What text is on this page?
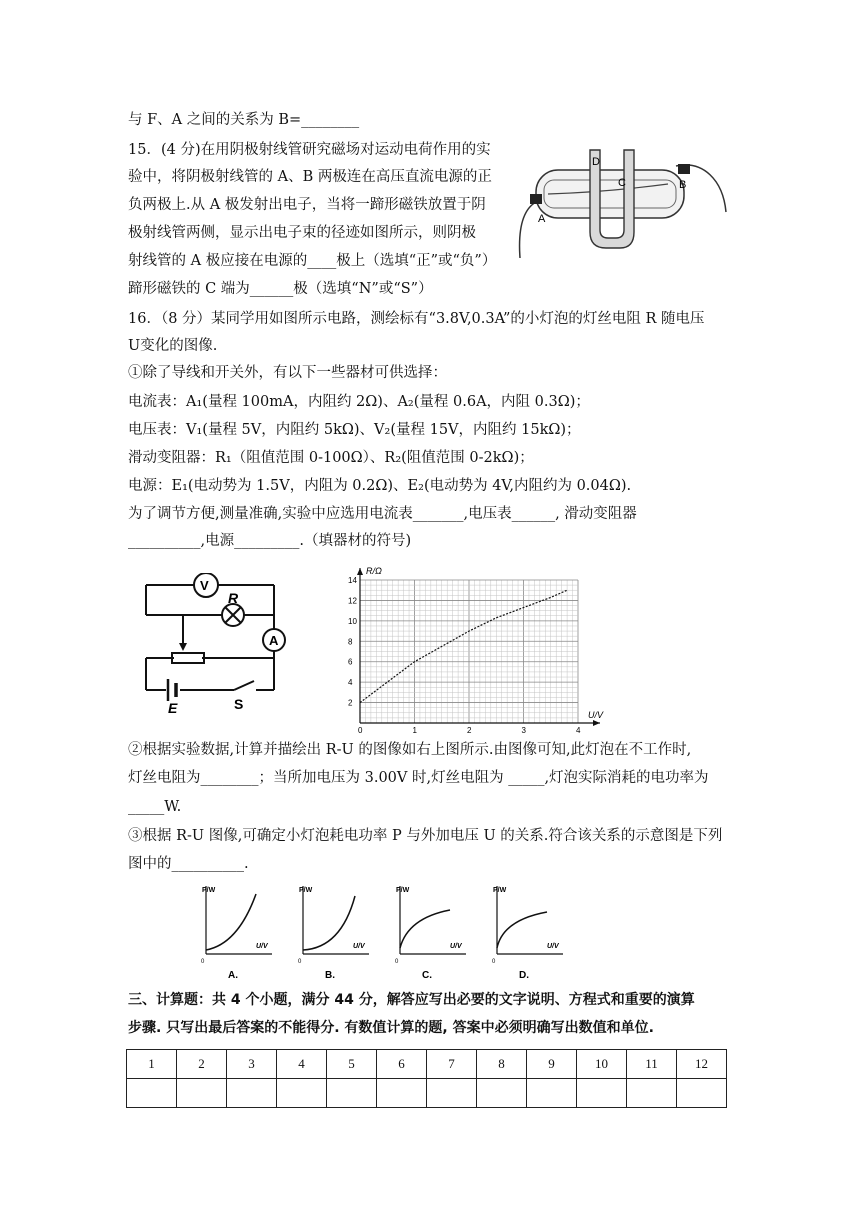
与 F、A 之间的关系为 B=________
15．(4 分)在用阴极射线管研究磁场对运动电荷作用的实
验中，将阴极射线管的 A、B 两极连在高压直流电源的正
负两极上.从 A 极发射出电子，当将一蹄形磁铁放置于阴
极射线管两侧，显示出电子束的径迹如图所示，则阴极
射线管的 A 极应接在电源的____极上（选填“正”或“负”）
蹄形磁铁的 C 端为______极（选填“N”或“S”）
16．（8 分）某同学用如图所示电路，测绘标有“3.8V,0.3A”的小灯泡的灯丝电阻 R 随电压
U变化的图像.
①除了导线和开关外，有以下一些器材可供选择：
电流表：A₁(量程 100mA，内阻约 2Ω)、A₂(量程 0.6A，内阻 0.3Ω)；
电压表：V₁(量程 5V，内阻约 5kΩ)、V₂(量程 15V，内阻约 15kΩ)；
滑动变阻器：R₁（阻值范围 0-100Ω）、R₂(阻值范围 0-2kΩ)；
电源：E₁(电动势为 1.5V，内阻为 0.2Ω)、E₂(电动势为 4V,内阻约为 0.04Ω).
为了调节方便,测量准确,实验中应选用电流表_______,电压表______, 滑动变阻器
__________,电源_________.（填器材的符号)
②根据实验数据,计算并描绘出 R-U 的图像如右上图所示.由图像可知,此灯泡在不工作时,
灯丝电阻为________；当所加电压为 3.00V 时,灯丝电阻为 _____,灯泡实际消耗的电功率为
_____W.
③根据 R-U 图像,可确定小灯泡耗电功率 P 与外加电压 U 的关系.符合该关系的示意图是下列
图中的__________.
三、计算题：共 4 个小题，满分 44 分，解答应写出必要的文字说明、方程式和重要的演算
步骤. 只写出最后答案的不能得分. 有数值计算的题, 答案中必须明确写出数值和单位.
D
C	B
A
V
R
A
E	S
0	1	2	3	4
2
4
6
8
10
12
14
R/Ω
U/V
P/W
U/V
0
A.
P/W
U/V
0
B.
P/W
U/V
0
C.
P/W
U/V
0
D.
1	2	3	4	5	6	7	8	9	10	11	12
